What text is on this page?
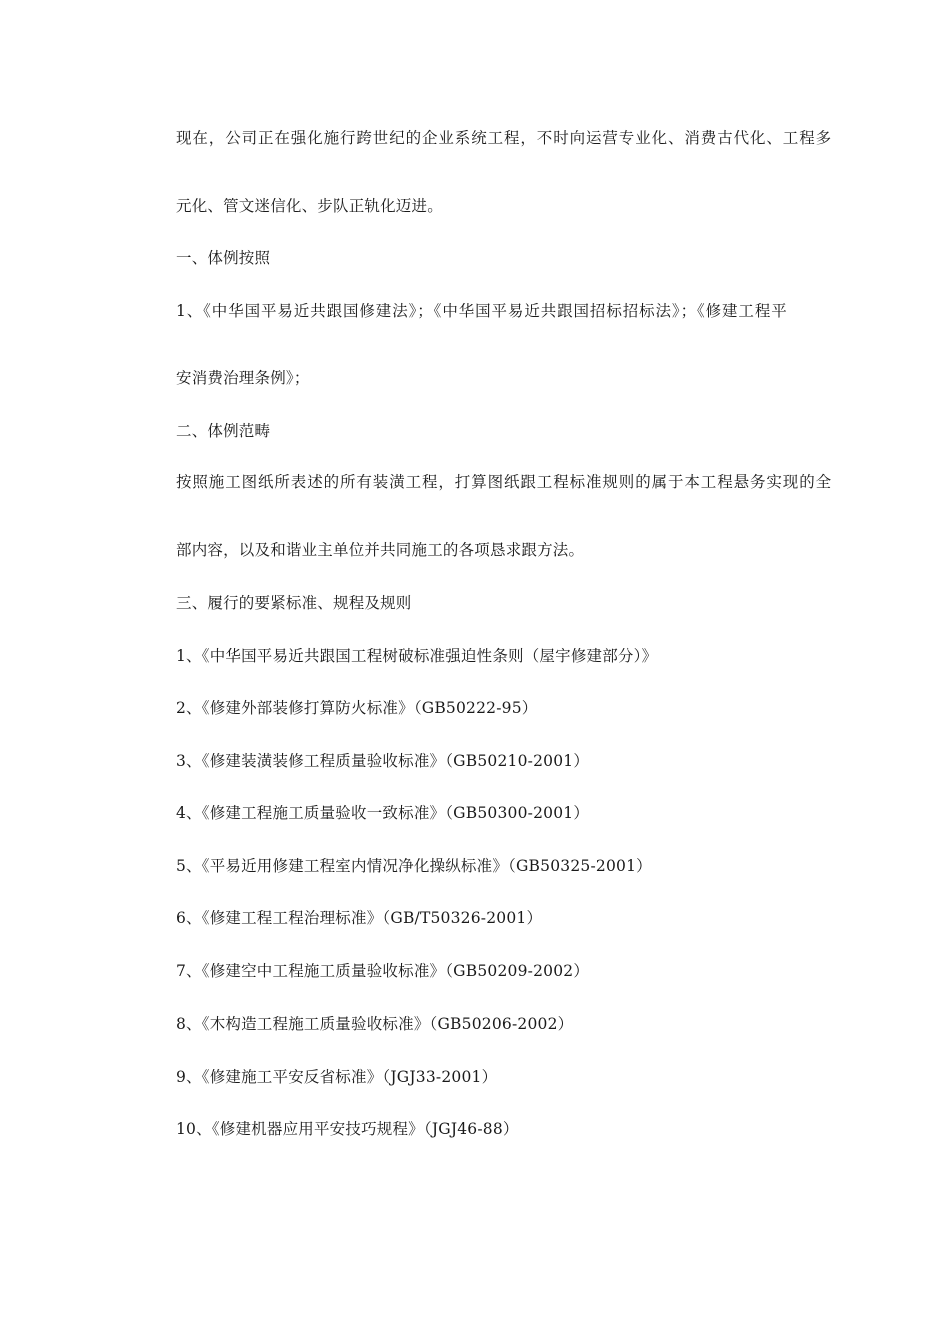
现在，公司正在强化施行跨世纪的企业系统工程，不时向运营专业化、消费古代化、工程多
元化、管文迷信化、步队正轨化迈进。
一、体例按照
1、《中华国平易近共跟国修建法》；《中华国平易近共跟国招标招标法》；《修建工程平
安消费治理条例》；
二、体例范畴
按照施工图纸所表述的所有装潢工程，打算图纸跟工程标准规则的属于本工程悬务实现的全
部内容，以及和谐业主单位并共同施工的各项恳求跟方法。
三、履行的要紧标准、规程及规则
1、《中华国平易近共跟国工程树破标准强迫性条则（屋宇修建部分）》
2、《修建外部装修打算防火标准》（GB50222-95）
3、《修建装潢装修工程质量验收标准》（GB50210-2001）
4、《修建工程施工质量验收一致标准》（GB50300-2001）
5、《平易近用修建工程室内情况净化操纵标准》（GB50325-2001）
6、《修建工程工程治理标准》（GB/T50326-2001）
7、《修建空中工程施工质量验收标准》（GB50209-2002）
8、《木构造工程施工质量验收标准》（GB50206-2002）
9、《修建施工平安反省标准》（JGJ33-2001）
10、《修建机器应用平安技巧规程》（JGJ46-88）
